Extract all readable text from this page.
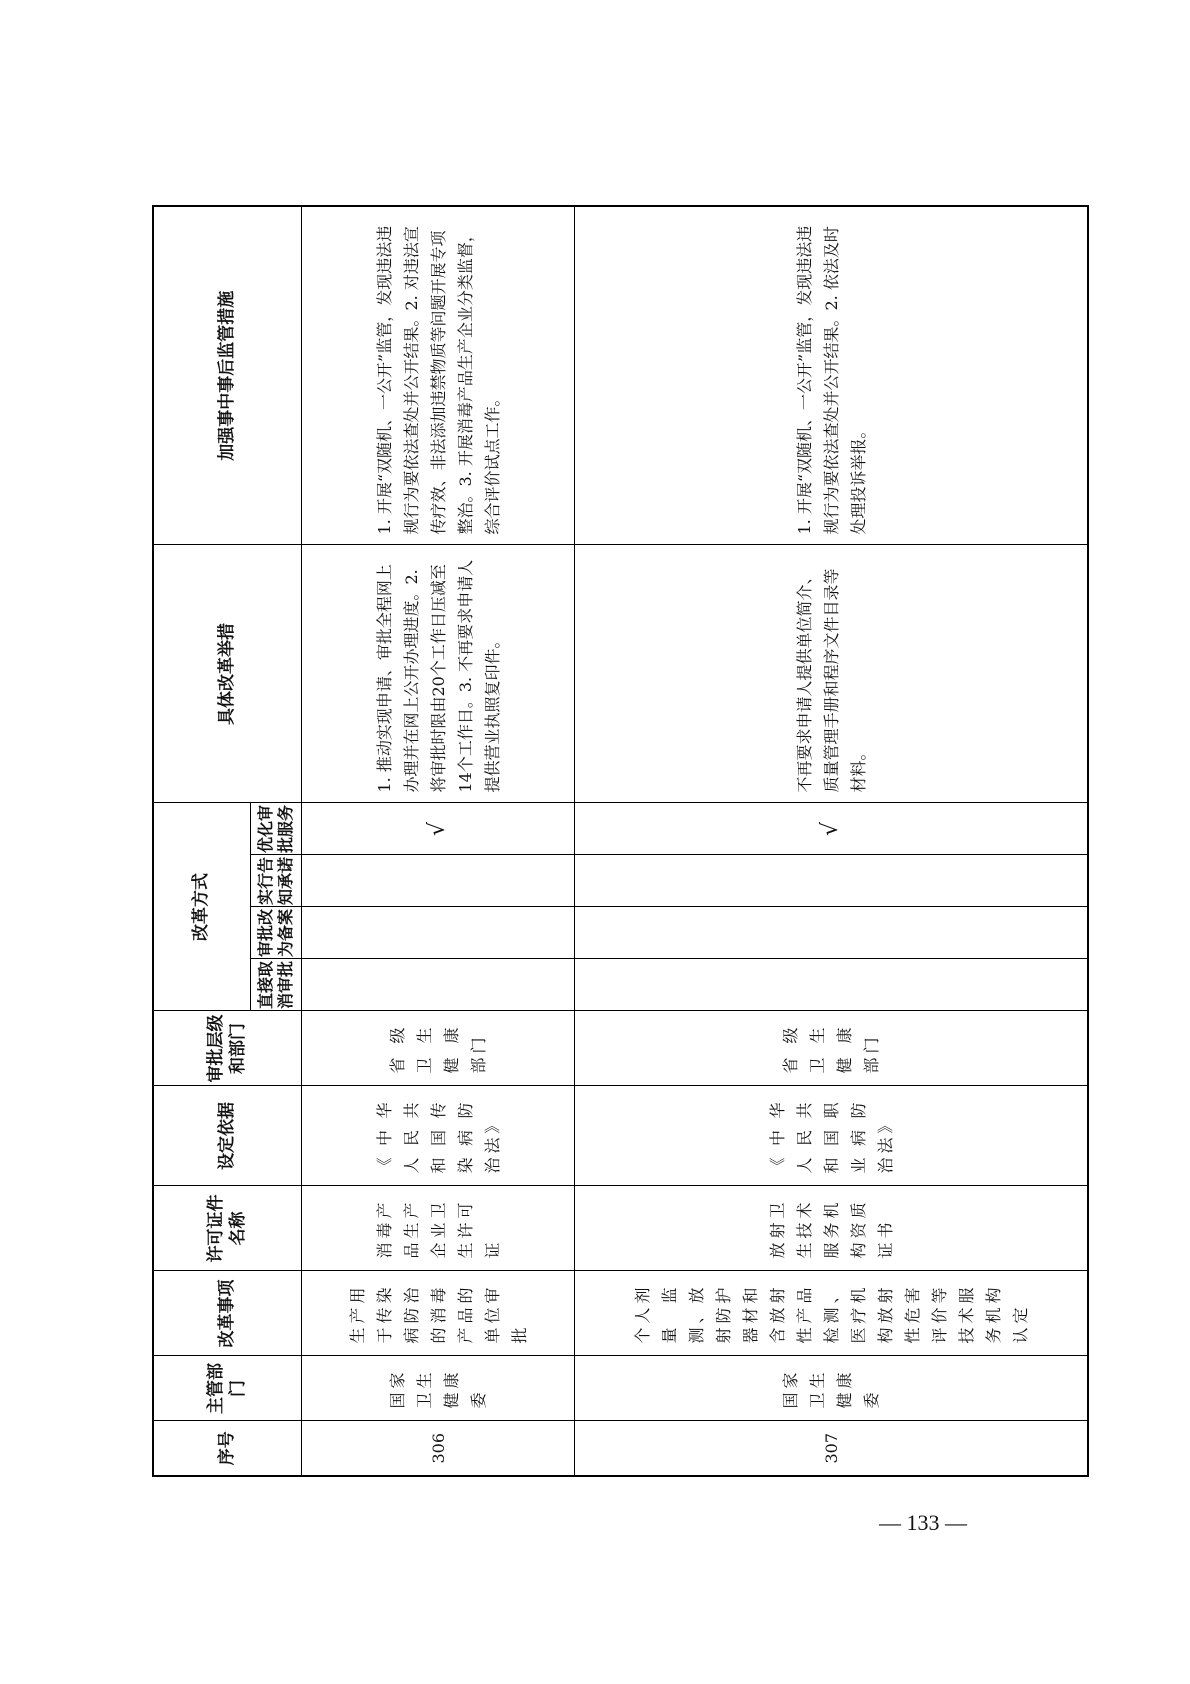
序号	主管部门	改革事项	许可证件名称	设定依据	审批层级和部门	改革方式				具体改革举措	加强事中事后监管措施
						直接取消审批	审批改为备案	实行告知承诺	优化审批服务		
306	国家卫生健康委	生产用于传染病防治的消毒产品的单位审批	消毒产品生产企业卫生许可证	《中华人民共和国传染病防治法》	省级卫生健康部门				√	1. 推动实现申请、审批全程网上办理并在网上公开办理进度。2. 将审批时限由20个工作日压减至14个工作日。3. 不再要求申请人提供营业执照复印件。	1. 开展“双随机、一公开”监管，发现违法违规行为要依法查处并公开结果。2. 对违法宣传疗效、非法添加违禁物质等问题开展专项整治。3. 开展消毒产品生产企业分类监督，综合评价试点工作。
307	国家卫生健康委	个人剂量监测、放射防护器材和含放射性产品检测、医疗机构放射性危害评价等技术服务机构认定	放射卫生技术服务机构资质证书	《中华人民共和国职业病防治法》	省级卫生健康部门				√	不再要求申请人提供单位简介、质量管理手册和程序文件目录等材料。	1. 开展“双随机、一公开”监管，发现违法违规行为要依法查处并公开结果。2. 依法及时处理投诉举报。
— 133 —
